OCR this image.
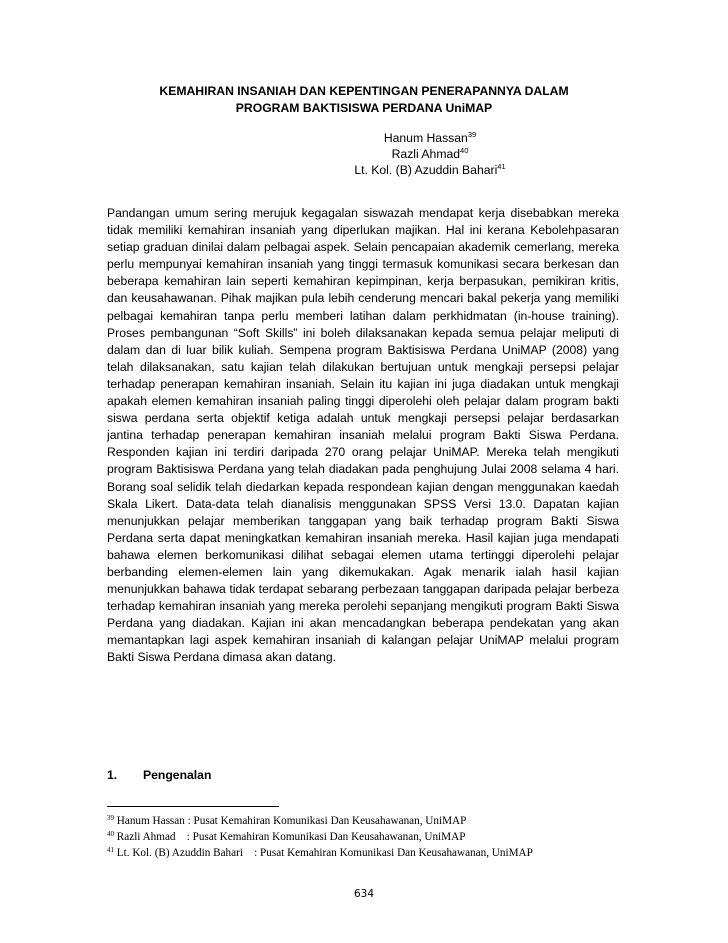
KEMAHIRAN INSANIAH DAN KEPENTINGAN PENERAPANNYA DALAM
PROGRAM BAKTISISWA PERDANA UniMAP
Hanum Hassan$^{39}$
Razli Ahmad$^{40}$
Lt. Kol. (B) Azuddin Bahari$^{41}$

Pandangan umum sering merujuk kegagalan siswazah mendapat kerja disebabkan mereka tidak memiliki kemahiran insaniah yang diperlukan majikan. Hal ini kerana Kebolehpasaran setiap graduan dinilai dalam pelbagai aspek. Selain pencapaian akademik cemerlang, mereka perlu mempunyai kemahiran insaniah yang tinggi termasuk komunikasi secara berkesan dan beberapa kemahiran lain seperti kemahiran kepimpinan, kerja berpasukan, pemikiran kritis, dan keusahawanan. Pihak majikan pula lebih cenderung mencari bakal pekerja yang memiliki pelbagai kemahiran tanpa perlu memberi latihan dalam perkhidmatan (in-house training). Proses pembangunan “Soft Skills” ini boleh dilaksanakan kepada semua pelajar meliputi di dalam dan di luar bilik kuliah. Sempena program Baktisiswa Perdana UniMAP (2008) yang telah dilaksanakan, satu kajian telah dilakukan bertujuan untuk mengkaji persepsi pelajar terhadap penerapan kemahiran insaniah. Selain itu kajian ini juga diadakan untuk mengkaji apakah elemen kemahiran insaniah paling tinggi diperolehi oleh pelajar dalam program bakti siswa perdana serta objektif ketiga adalah untuk mengkaji persepsi pelajar berdasarkan jantina terhadap penerapan kemahiran insaniah melalui program Bakti Siswa Perdana. Responden kajian ini terdiri daripada 270 orang pelajar UniMAP. Mereka telah mengikuti program Baktisiswa Perdana yang telah diadakan pada penghujung Julai 2008 selama 4 hari. Borang soal selidik telah diedarkan kepada respondean kajian dengan menggunakan kaedah Skala Likert. Data-data telah dianalisis menggunakan SPSS Versi 13.0. Dapatan kajian menunjukkan pelajar memberikan tanggapan yang baik terhadap program Bakti Siswa Perdana serta dapat meningkatkan kemahiran insaniah mereka. Hasil kajian juga mendapati bahawa elemen berkomunikasi dilihat sebagai elemen utama tertinggi diperolehi pelajar berbanding elemen-elemen lain yang dikemukakan. Agak menarik ialah hasil kajian menunjukkan bahawa tidak terdapat sebarang perbezaan tanggapan daripada pelajar berbeza terhadap kemahiran insaniah yang mereka perolehi sepanjang mengikuti program Bakti Siswa Perdana yang diadakan. Kajian ini akan mencadangkan beberapa pendekatan yang akan memantapkan lagi aspek kemahiran insaniah di kalangan pelajar UniMAP melalui program Bakti Siswa Perdana dimasa akan datang.

1. Pengenalan
$^{39}$ Hanum Hassan : Pusat Kemahiran Komunikasi Dan Keusahawanan, UniMAP
$^{40}$ Razli Ahmad    : Pusat Kemahiran Komunikasi Dan Keusahawanan, UniMAP
$^{41}$ Lt. Kol. (B) Azuddin Bahari    : Pusat Kemahiran Komunikasi Dan Keusahawanan, UniMAP
634
